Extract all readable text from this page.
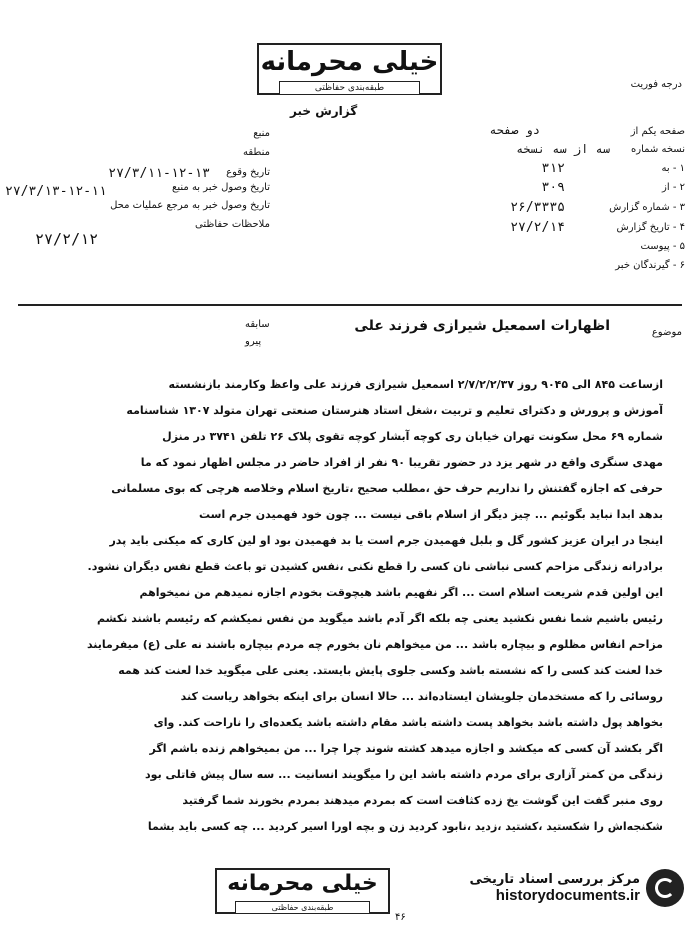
خیلی محرمانه
طبقه‌بندی حفاظتی	درجه فوریت
گزارش خبر
منبع
منطقه
تاریخ وقوع
۲۷/۳/۱۱-۱۲-۱۳
تاریخ وصول خبر به منبع
۲۷/۳/۱۳-۱۲-۱۱
تاریخ وصول خبر به مرجع عملیات محل
ملاحظات حفاظتی
۲۷/۲/۱۲
صفحه یکم از
دو صفحه
نسخه شماره
سه از سه نسخه
۱ - به
۳۱۲
۲ - از
۳۰۹
۳ - شماره گزارش
۲۶/۳۳۳۵
۴ - تاریخ گزارش
۲۷/۲/۱۴
۵ - پیوست
۶ - گیرندگان خبر
موضوع
اظهارات اسمعیل شیرازی فرزند علی
سابقه
پیرو
ازساعت ۸۴۵ الی ۹۰۴۵ روز ۲/۷/۲/۲/۳۷ اسمعیل شیرازی فرزند علی واعظ وکارمند بازنشسته
آموزش و پرورش و دکترای تعلیم و تربیت ،شغل استاد هنرستان صنعتی تهران متولد ۱۳۰۷ شناسنامه
شماره ۶۹ محل سکونت تهران خیابان ری کوچه آبشار کوچه تقوی پلاک ۲۶ تلفن ۳۷۴۱ در منزل
مهدی سنگری واقع در شهر یزد در حضور تقریبا ۹۰ نفر از افراد حاضر در مجلس اظهار نمود که ما
حرفی که اجازه گفتنش را نداریم حرف حق ،مطلب صحیح ،تاریخ اسلام وخلاصه هرچی که بوی مسلمانی
بدهد ابدا نباید بگوئیم ... چیز دیگر از اسلام باقی نیست ... چون خود فهمیدن جرم است
اینجا در ایران عزیز کشور گل و بلبل فهمیدن جرم است یا بد فهمیدن بود او لین کاری که میکنی باید پدر
برادرانه زندگی مزاحم کسی نباشی نان کسی را قطع نکنی ،نفس کشیدن تو باعث قطع نفس دیگران نشود.
این اولین قدم شریعت اسلام است ... اگر نفهیم باشد هیچوقت بخودم اجازه نمیدهم من نمیخواهم
رئیس باشیم شما نفس نکشید یعنی چه بلکه اگر آدم باشد میگوید من نفس نمیکشم که رئیسم باشند نکشم
مزاحم انفاس مظلوم و بیچاره باشد ... من میخواهم نان بخورم چه مردم بیچاره باشند نه علی (ع) میفرمایند
خدا لعنت کند کسی را که نشسته باشد وکسی جلوی پایش بایستد. یعنی علی میگوید خدا لعنت کند همه
روسائی را که مستخدمان جلویشان ایستاده‌اند ... حالا انسان برای اینکه بخواهد ریاست کند
بخواهد پول داشته باشد بخواهد پست داشته باشد مقام داشته باشد یکعده‌ای را ناراحت کند. وای
اگر بکشد آن کسی که میکشد و اجازه میدهد کشته شوند چرا چرا ... من بمیخواهم زنده باشم اگر
زندگی من کمتر آزاری برای مردم داشته باشد این را میگویند انسانیت ... سه سال پیش قاتلی بود
روی منبر گفت این گوشت یخ زده کثافت است که بمردم میدهند بمردم بخورند شما گرفتید
شکنجه‌اش را شکستید ،کشتید ،زدید ،نابود کردید زن و بچه اورا اسیر کردید ... چه کسی باید بشما
خیلی محرمانه
طبقه‌بندی حفاظتی
مرکز بررسی اسناد تاریخی
historydocuments.ir
۴۶
